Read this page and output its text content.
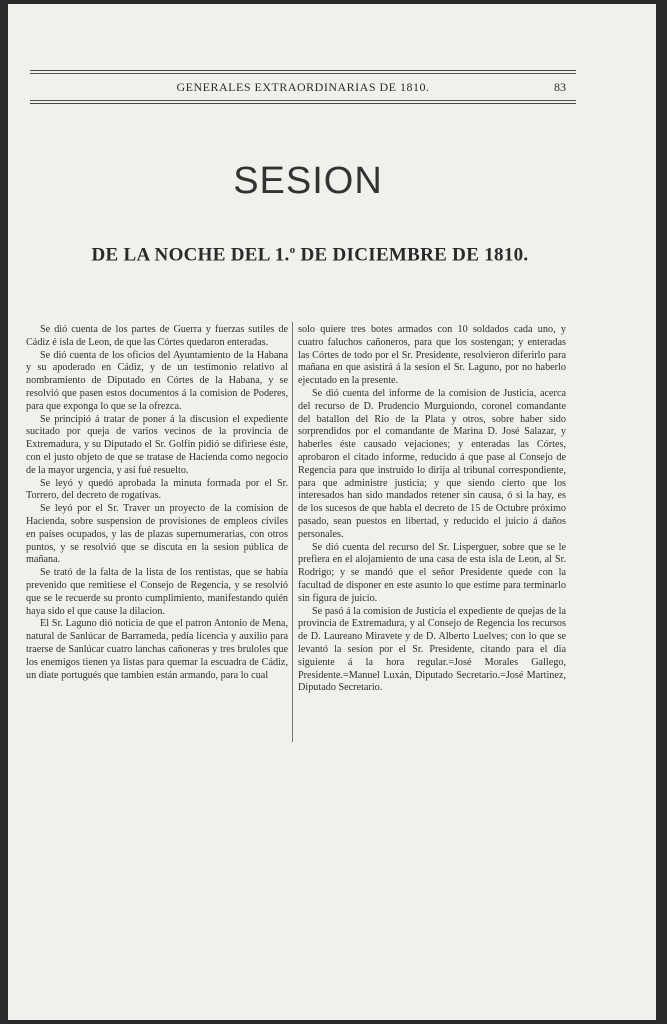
GENERALES EXTRAORDINARIAS DE 1810.	83
SESION
DE LA NOCHE DEL 1.$^o$ DE DICIEMBRE DE 1810.

Se dió cuenta de los partes de Guerra y fuerzas sutiles de Cádiz é isla de Leon, de que las Córtes quedaron enteradas.

Se dió cuenta de los oficios del Ayuntamiento de la Habana y su apoderado en Cádiz, y de un testimonio relativo al nombramiento de Diputado en Córtes de la Habana, y se resolvió que pasen estos documentos á la comision de Poderes, para que exponga lo que se la ofrezca.

Se principió á tratar de poner á la discusion el expediente sucitado por queja de varios vecinos de la provincia de Extremadura, y su Diputado el Sr. Golfín pidió se difiriese éste, con el justo objeto de que se tratase de Hacienda como negocio de la mayor urgencia, y así fué resuelto.

Se leyó y quedó aprobada la minuta formada por el Sr. Torrero, del decreto de rogativas.

Se leyó por el Sr. Traver un proyecto de la comision de Hacienda, sobre suspension de provisiones de empleos civiles en países ocupados, y las de plazas supernumerarias, con otros puntos, y se resolvió que se discuta en la sesion pública de mañana.

Se trató de la falta de la lista de los rentistas, que se había prevenido que remitiese el Consejo de Regencia, y se resolvió que se le recuerde su pronto cumplimiento, manifestando quién haya sido el que cause la dilacion.

El Sr. Laguno dió noticia de que el patron Antonio de Mena, natural de Sanlúcar de Barrameda, pedía licencia y auxilio para traerse de Sanlúcar cuatro lanchas cañoneras y tres bruloles que los enemigos tienen ya listas para quemar la escuadra de Cádiz, un diate portugués que tambien están armando, para lo cual

solo quiere tres botes armados con 10 soldados cada uno, y cuatro faluchos cañoneros, para que los sostengan; y enteradas las Córtes de todo por el Sr. Presidente, resolvieron diferirlo para mañana en que asistirá á la sesion el Sr. Laguno, por no haberlo ejecutado en la presente.

Se dió cuenta del informe de la comision de Justicia, acerca del recurso de D. Prudencio Murguiondo, coronel comandante del batallon del Rio de la Plata y otros, sobre haber sido sorprendidos por el comandante de Marina D. José Salazar, y haberles éste causado vejaciones; y enteradas las Córtes, aprobaron el citado informe, reducido á que pase al Consejo de Regencia para que instruido lo dirija al tribunal correspondiente, para que administre justicia; y que siendo cierto que los interesados han sido mandados retener sin causa, ó si la hay, es de los sucesos de que habla el decreto de 15 de Octubre próximo pasado, sean puestos en libertad, y reducido el juicio á daños personales.

Se dió cuenta del recurso del Sr. Lisperguer, sobre que se le prefiera en el alojamiento de una casa de esta isla de Leon, al Sr. Rodrigo; y se mandó que el señor Presidente quede con la facultad de disponer en este asunto lo que estime para terminarlo sin figura de juicio.

Se pasó á la comision de Justicia el expediente de quejas de la provincia de Extremadura, y al Consejo de Regencia los recursos de D. Laureano Miravete y de D. Alberto Luelves; con lo que se levantó la sesion por el Sr. Presidente, citando para el dia siguiente á la hora regular.=José Morales Gallego, Presidente.=Manuel Luxán, Diputado Secretario.=José Martinez, Diputado Secretario.
